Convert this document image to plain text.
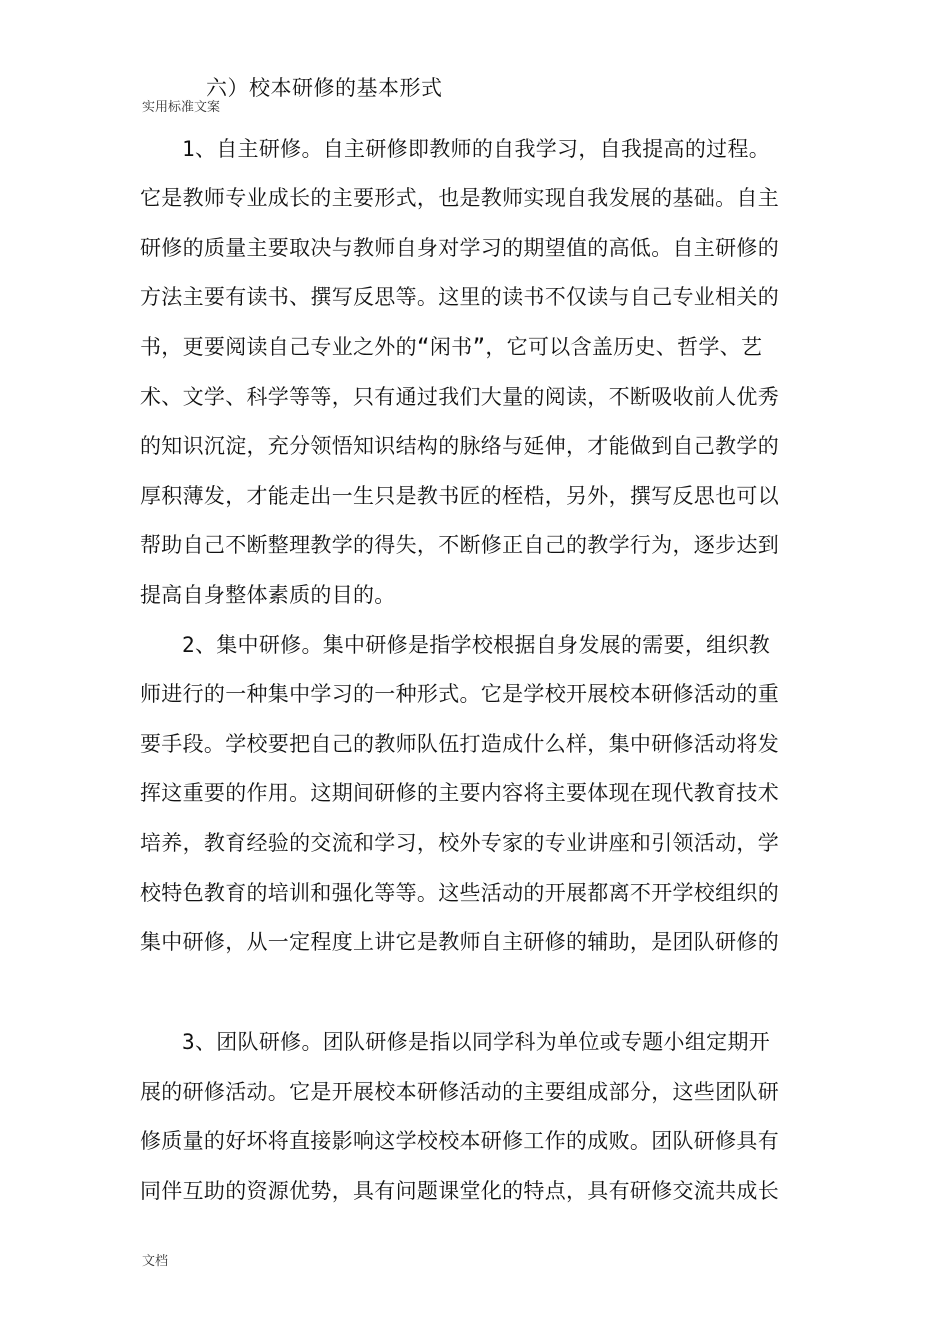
六）校本研修的基本形式
实用标准文案
1、自主研修。自主研修即教师的自我学习，自我提高的过程。
它是教师专业成长的主要形式，也是教师实现自我发展的基础。自主
研修的质量主要取决与教师自身对学习的期望值的高低。自主研修的
方法主要有读书、撰写反思等。这里的读书不仅读与自己专业相关的
书，更要阅读自己专业之外的“闲书”，它可以含盖历史、哲学、艺
术、文学、科学等等，只有通过我们大量的阅读，不断吸收前人优秀
的知识沉淀，充分领悟知识结构的脉络与延伸，才能做到自己教学的
厚积薄发，才能走出一生只是教书匠的桎梏，另外，撰写反思也可以
帮助自己不断整理教学的得失，不断修正自己的教学行为，逐步达到
提高自身整体素质的目的。
2、集中研修。集中研修是指学校根据自身发展的需要，组织教
师进行的一种集中学习的一种形式。它是学校开展校本研修活动的重
要手段。学校要把自己的教师队伍打造成什么样，集中研修活动将发
挥这重要的作用。这期间研修的主要内容将主要体现在现代教育技术
培养，教育经验的交流和学习，校外专家的专业讲座和引领活动，学
校特色教育的培训和强化等等。这些活动的开展都离不开学校组织的
集中研修，从一定程度上讲它是教师自主研修的辅助，是团队研修的
3、团队研修。团队研修是指以同学科为单位或专题小组定期开
展的研修活动。它是开展校本研修活动的主要组成部分，这些团队研
修质量的好坏将直接影响这学校校本研修工作的成败。团队研修具有
同伴互助的资源优势，具有问题课堂化的特点，具有研修交流共成长
文档
